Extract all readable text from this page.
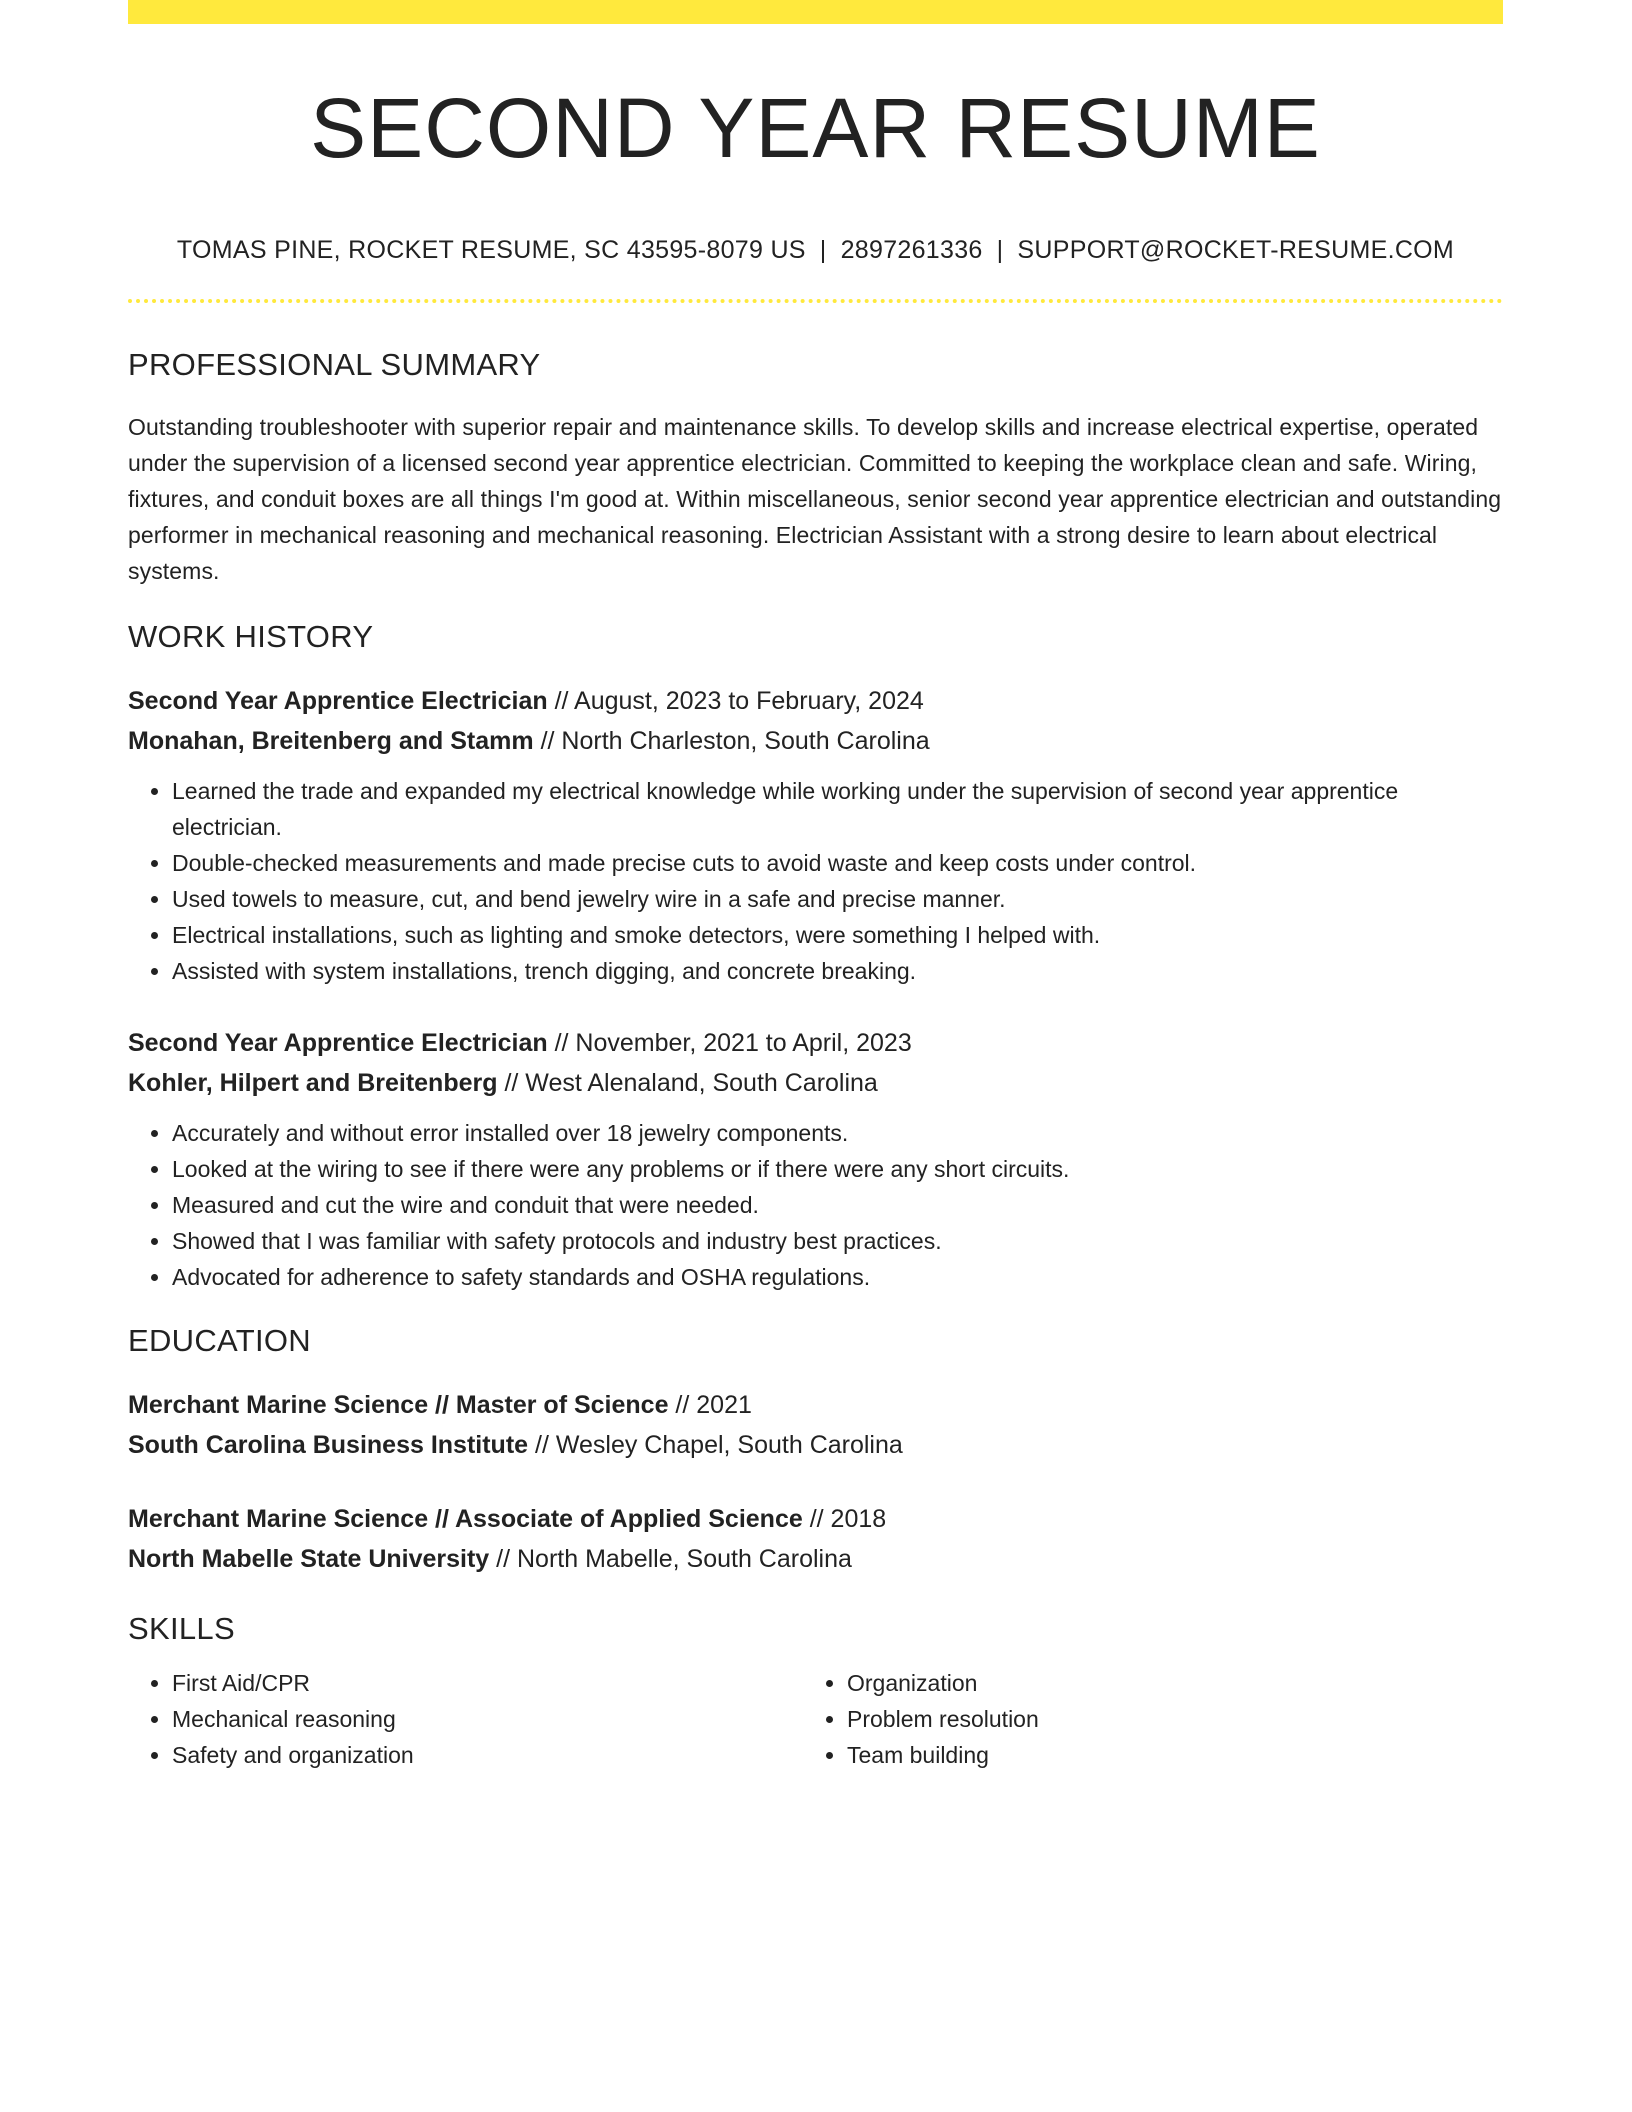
SECOND YEAR RESUME
TOMAS PINE, ROCKET RESUME, SC 43595-8079 US | 2897261336 | SUPPORT@ROCKET-RESUME.COM
PROFESSIONAL SUMMARY

Outstanding troubleshooter with superior repair and maintenance skills. To develop skills and increase electrical expertise, operated under the supervision of a licensed second year apprentice electrician. Committed to keeping the workplace clean and safe. Wiring, fixtures, and conduit boxes are all things I'm good at. Within miscellaneous, senior second year apprentice electrician and outstanding performer in mechanical reasoning and mechanical reasoning. Electrician Assistant with a strong desire to learn about electrical systems.

WORK HISTORY

Second Year Apprentice Electrician // August, 2023 to February, 2024

Monahan, Breitenberg and Stamm // North Charleston, South Carolina

• Learned the trade and expanded my electrical knowledge while working under the supervision of second year apprentice electrician.
• Double-checked measurements and made precise cuts to avoid waste and keep costs under control.
• Used towels to measure, cut, and bend jewelry wire in a safe and precise manner.
• Electrical installations, such as lighting and smoke detectors, were something I helped with.
• Assisted with system installations, trench digging, and concrete breaking.

Second Year Apprentice Electrician // November, 2021 to April, 2023

Kohler, Hilpert and Breitenberg // West Alenaland, South Carolina

• Accurately and without error installed over 18 jewelry components.
• Looked at the wiring to see if there were any problems or if there were any short circuits.
• Measured and cut the wire and conduit that were needed.
• Showed that I was familiar with safety protocols and industry best practices.
• Advocated for adherence to safety standards and OSHA regulations.
EDUCATION

Merchant Marine Science // Master of Science // 2021

South Carolina Business Institute // Wesley Chapel, South Carolina

Merchant Marine Science // Associate of Applied Science // 2018

North Mabelle State University // North Mabelle, South Carolina

SKILLS
• First Aid/CPR
• Mechanical reasoning
• Safety and organization
• Organization
• Problem resolution
• Team building
